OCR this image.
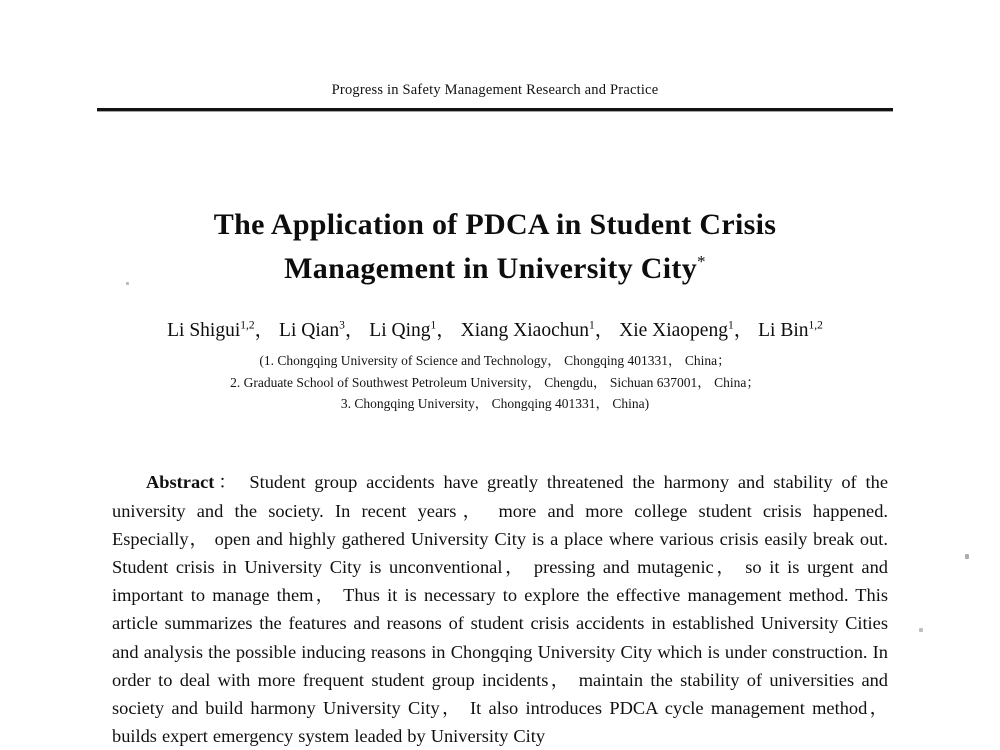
Progress in Safety Management Research and Practice
The Application of PDCA in Student Crisis
Management in University City*
Li Shigui$^{1,2}$， Li Qian$^3$， Li Qing$^1$， Xiang Xiaochun$^1$， Xie Xiaopeng$^1$， Li Bin$^{1,2}$
(1. Chongqing University of Science and Technology， Chongqing 401331， China；
2. Graduate School of Southwest Petroleum University， Chengdu， Sichuan 637001， China；
3. Chongqing University， Chongqing 401331， China)

Abstract： Student group accidents have greatly threatened the harmony and stability of the university and the society. In recent years， more and more college student crisis happened. Especially， open and highly gathered University City is a place where various crisis easily break out. Student crisis in University City is unconventional， pressing and mutagenic， so it is urgent and important to manage them， Thus it is necessary to explore the effective management method. This article summarizes the features and reasons of student crisis accidents in established University Cities and analysis the possible inducing reasons in Chongqing University City which is under construction. In order to deal with more frequent student group incidents， maintain the stability of universities and society and build harmony University City， It also introduces PDCA cycle management method， builds expert emergency system leaded by University City
